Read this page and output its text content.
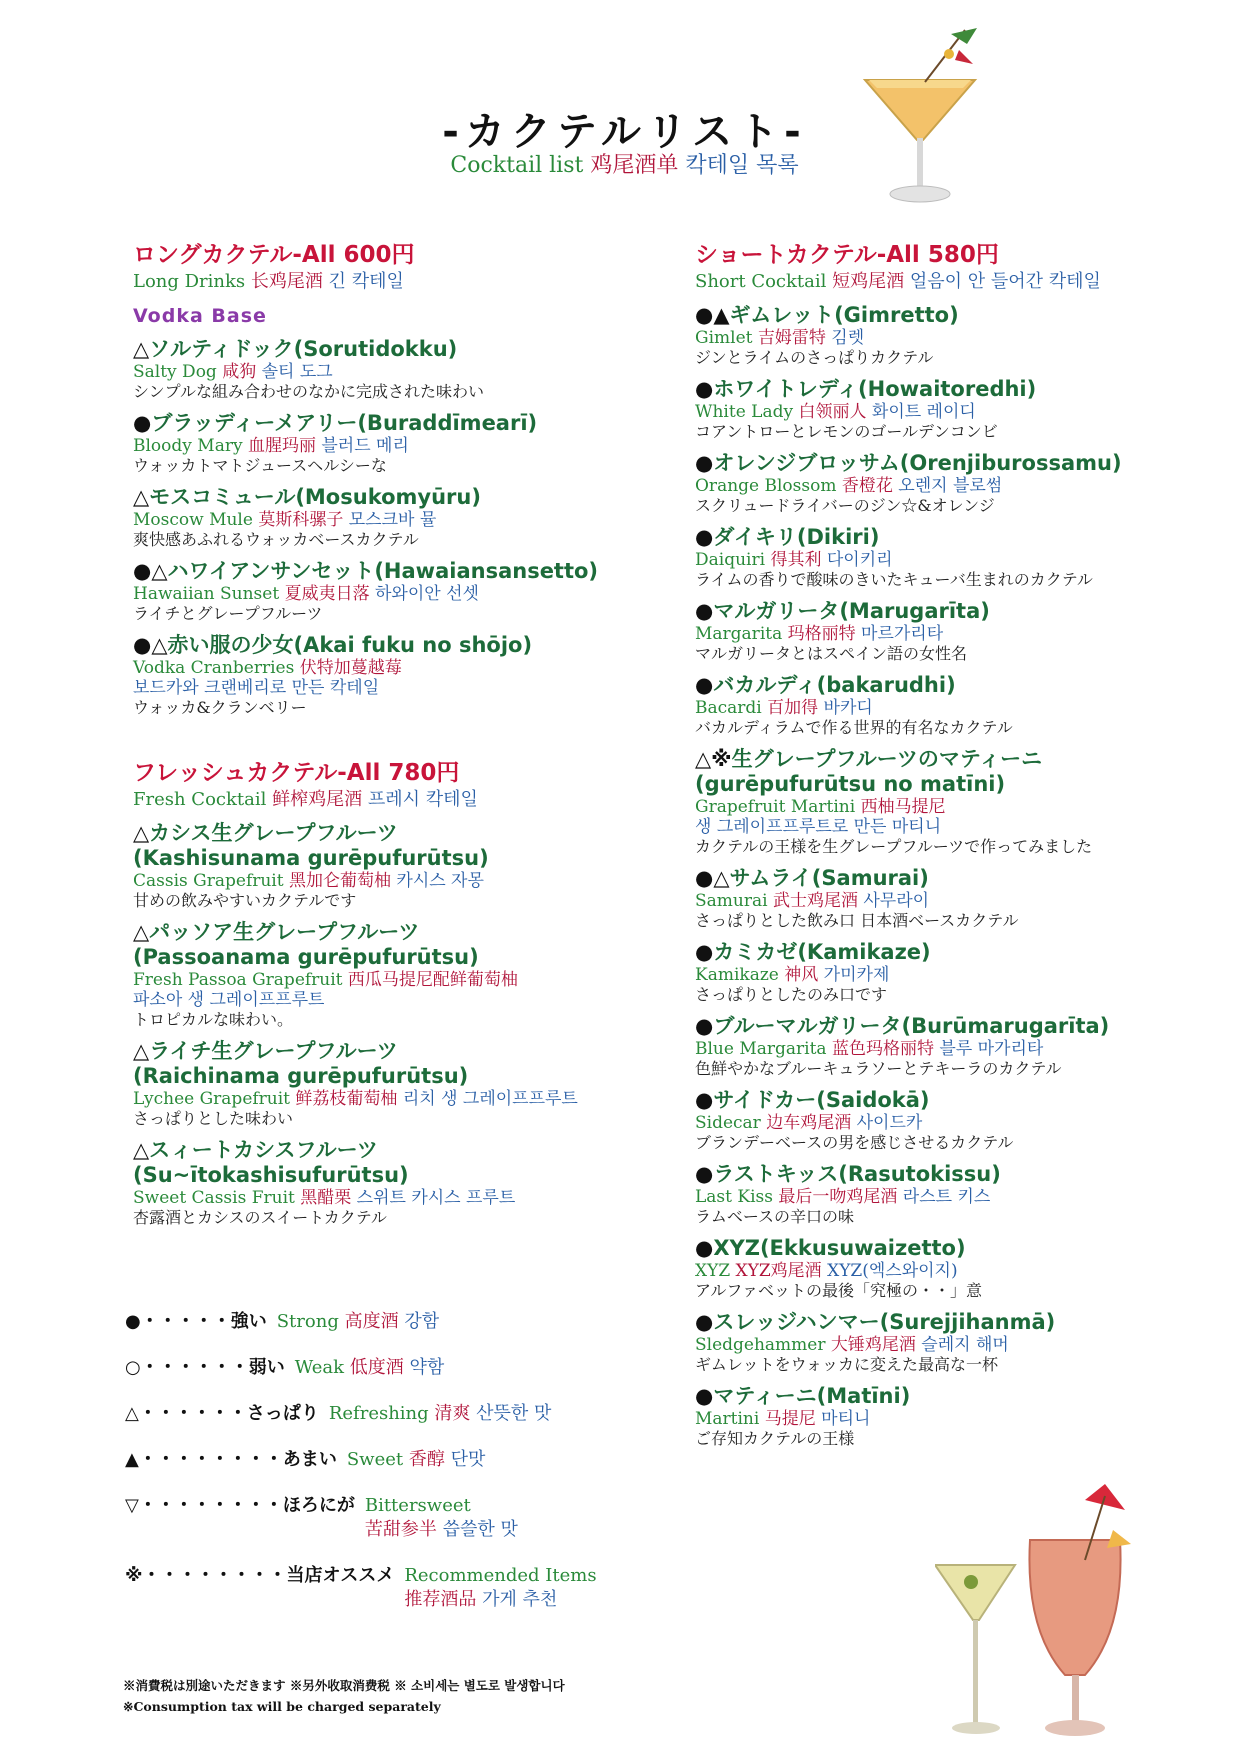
-カクテルリスト-
Cocktail list 鸡尾酒单 칵테일 목록
ロングカクテル-All 600円
Long Drinks 长鸡尾酒 긴 칵테일
Vodka Base
△ソルティドック(Sorutidokku)
Salty Dog 咸狗 솔티 도그
シンプルな組み合わせのなかに完成された味わい
●ブラッディーメアリー(Buraddīmearī)
Bloody Mary 血腥玛丽 블러드 메리
ウォッカトマトジュースヘルシーな
△モスコミュール(Mosukomyūru)
Moscow Mule 莫斯科骡子 모스크바 뮬
爽快感あふれるウォッカベースカクテル
●△ハワイアンサンセット(Hawaiansansetto)
Hawaiian Sunset 夏威夷日落 하와이안 선셋
ライチとグレープフルーツ
●△赤い服の少女(Akai fuku no shōjo)
Vodka Cranberries 伏特加蔓越莓
보드카와 크랜베리로 만든 칵테일
ウォッカ&クランベリー
フレッシュカクテル-All 780円
Fresh Cocktail 鲜榨鸡尾酒 프레시 칵테일
△カシス生グレープフルーツ
(Kashisunama gurēpufurūtsu)
Cassis Grapefruit 黑加仑葡萄柚 카시스 자몽
甘めの飲みやすいカクテルです
△パッソア生グレープフルーツ
(Passoanama gurēpufurūtsu)
Fresh Passoa Grapefruit 西瓜马提尼配鲜葡萄柚
파소아 생 그레이프프루트
トロピカルな味わい。
△ライチ生グレープフルーツ
(Raichinama gurēpufurūtsu)
Lychee Grapefruit 鲜荔枝葡萄柚 리치 생 그레이프프루트
さっぱりとした味わい
△スィートカシスフルーツ
(Su~ītokashisufurūtsu)
Sweet Cassis Fruit 黑醋栗 스위트 카시스 프루트
杏露酒とカシスのスイートカクテル
ショートカクテル-All 580円
Short Cocktail 短鸡尾酒 얼음이 안 들어간 칵테일
●▲ギムレット(Gimretto)
Gimlet 吉姆雷特 김렛
ジンとライムのさっぱりカクテル
●ホワイトレディ(Howaitoredhi)
White Lady 白领丽人 화이트 레이디
コアントローとレモンのゴールデンコンビ
●オレンジブロッサム(Orenjiburossamu)
Orange Blossom 香橙花 오렌지 블로썸
スクリュードライバーのジン☆&オレンジ
●ダイキリ(Dikiri)
Daiquiri 得其利 다이키리
ライムの香りで酸味のきいたキューバ生まれのカクテル
●マルガリータ(Marugarīta)
Margarita 玛格丽特 마르가리타
マルガリータとはスペイン語の女性名
●バカルディ(bakarudhi)
Bacardi 百加得 바카디
バカルディラムで作る世界的有名なカクテル
△※生グレープフルーツのマティーニ
(gurēpufurūtsu no matīni)
Grapefruit Martini 西柚马提尼
생 그레이프프루트로 만든 마티니
カクテルの王様を生グレープフルーツで作ってみました
●△サムライ(Samurai)
Samurai 武士鸡尾酒 사무라이
さっぱりとした飲み口 日本酒ベースカクテル
●カミカゼ(Kamikaze)
Kamikaze 神风 가미카제
さっぱりとしたのみ口です
●ブルーマルガリータ(Burūmarugarīta)
Blue Margarita 蓝色玛格丽特 블루 마가리타
色鮮やかなブルーキュラソーとテキーラのカクテル
●サイドカー(Saidokā)
Sidecar 边车鸡尾酒 사이드카
ブランデーベースの男を感じさせるカクテル
●ラストキッス(Rasutokissu)
Last Kiss 最后一吻鸡尾酒 라스트 키스
ラムベースの辛口の味
●XYZ(Ekkusuwaizetto)
XYZ XYZ鸡尾酒 XYZ(엑스와이지)
アルファベットの最後「究極の・・」意
●スレッジハンマー(Surejjihanmā)
Sledgehammer 大锤鸡尾酒 슬레지 해머
ギムレットをウォッカに変えた最高な一杯
●マティーニ(Matīni)
Martini 马提尼 마티니
ご存知カクテルの王様
●・・・・・強い Strong 高度酒 강함
○・・・・・・弱い Weak 低度酒 약함
△・・・・・・さっぱり Refreshing 清爽 산뜻한 맛
▲・・・・・・・・あまい Sweet 香醇 단맛
▽・・・・・・・・ほろにが Bittersweet
苦甜参半 씁쓸한 맛
※・・・・・・・・当店オススメ Recommended Items
推荐酒品 가게 추천
※消費税は別途いただきます ※另外收取消费税 ※ 소비세는 별도로 발생합니다
※Consumption tax will be charged separately
